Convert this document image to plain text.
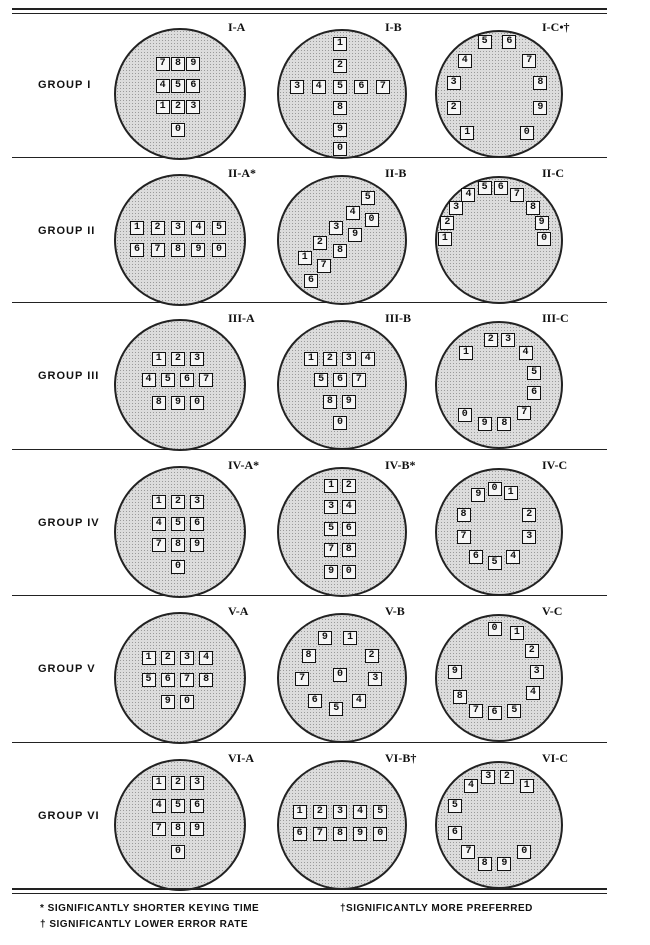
GROUP I
I-A
7 8 9
4 5 6
1 2 3
0
I-B
1
2
3	4	5	6	7
8
9
0
I-C•†
5	6
4	7
3	8
2	9
1	0
GROUP II
II-A*
1	2	3	4	5
6	7	8	9	0
II-B
5
4
0
3
9
2
8
1
7
6
II-C
5	6
4	7
3	8
2	9
1	0
GROUP III
III-A
1	2	3
4	5	6	7
8	9	0
III-B
1	2	3	4
5	6	7
8	9
0
III-C
2	3
1	4
5
6
7
0
9	8
GROUP IV
IV-A*
1	2	3
4	5	6
7	8	9
0
IV-B*
1	2
3	4
5	6
7	8
9	0
IV-C
9
0	1
8	2
7	3
6
5
4
GROUP V
V-A
1	2	3	4
5	6	7	8
9	0
V-B
9	1
8	2
7	0	3
6	4
5
V-C
0	1
2
9	3
8	4
7	6	5
GROUP VI
VI-A
1	2	3
4	5	6
7	8	9
0
VI-B†
1	2	3	4	5
6	7	8	9	0
VI-C
3	2
4	1
5
6
7
8	9
0
* SIGNIFICANTLY SHORTER KEYING TIME
† SIGNIFICANTLY LOWER ERROR RATE
†SIGNIFICANTLY MORE PREFERRED
